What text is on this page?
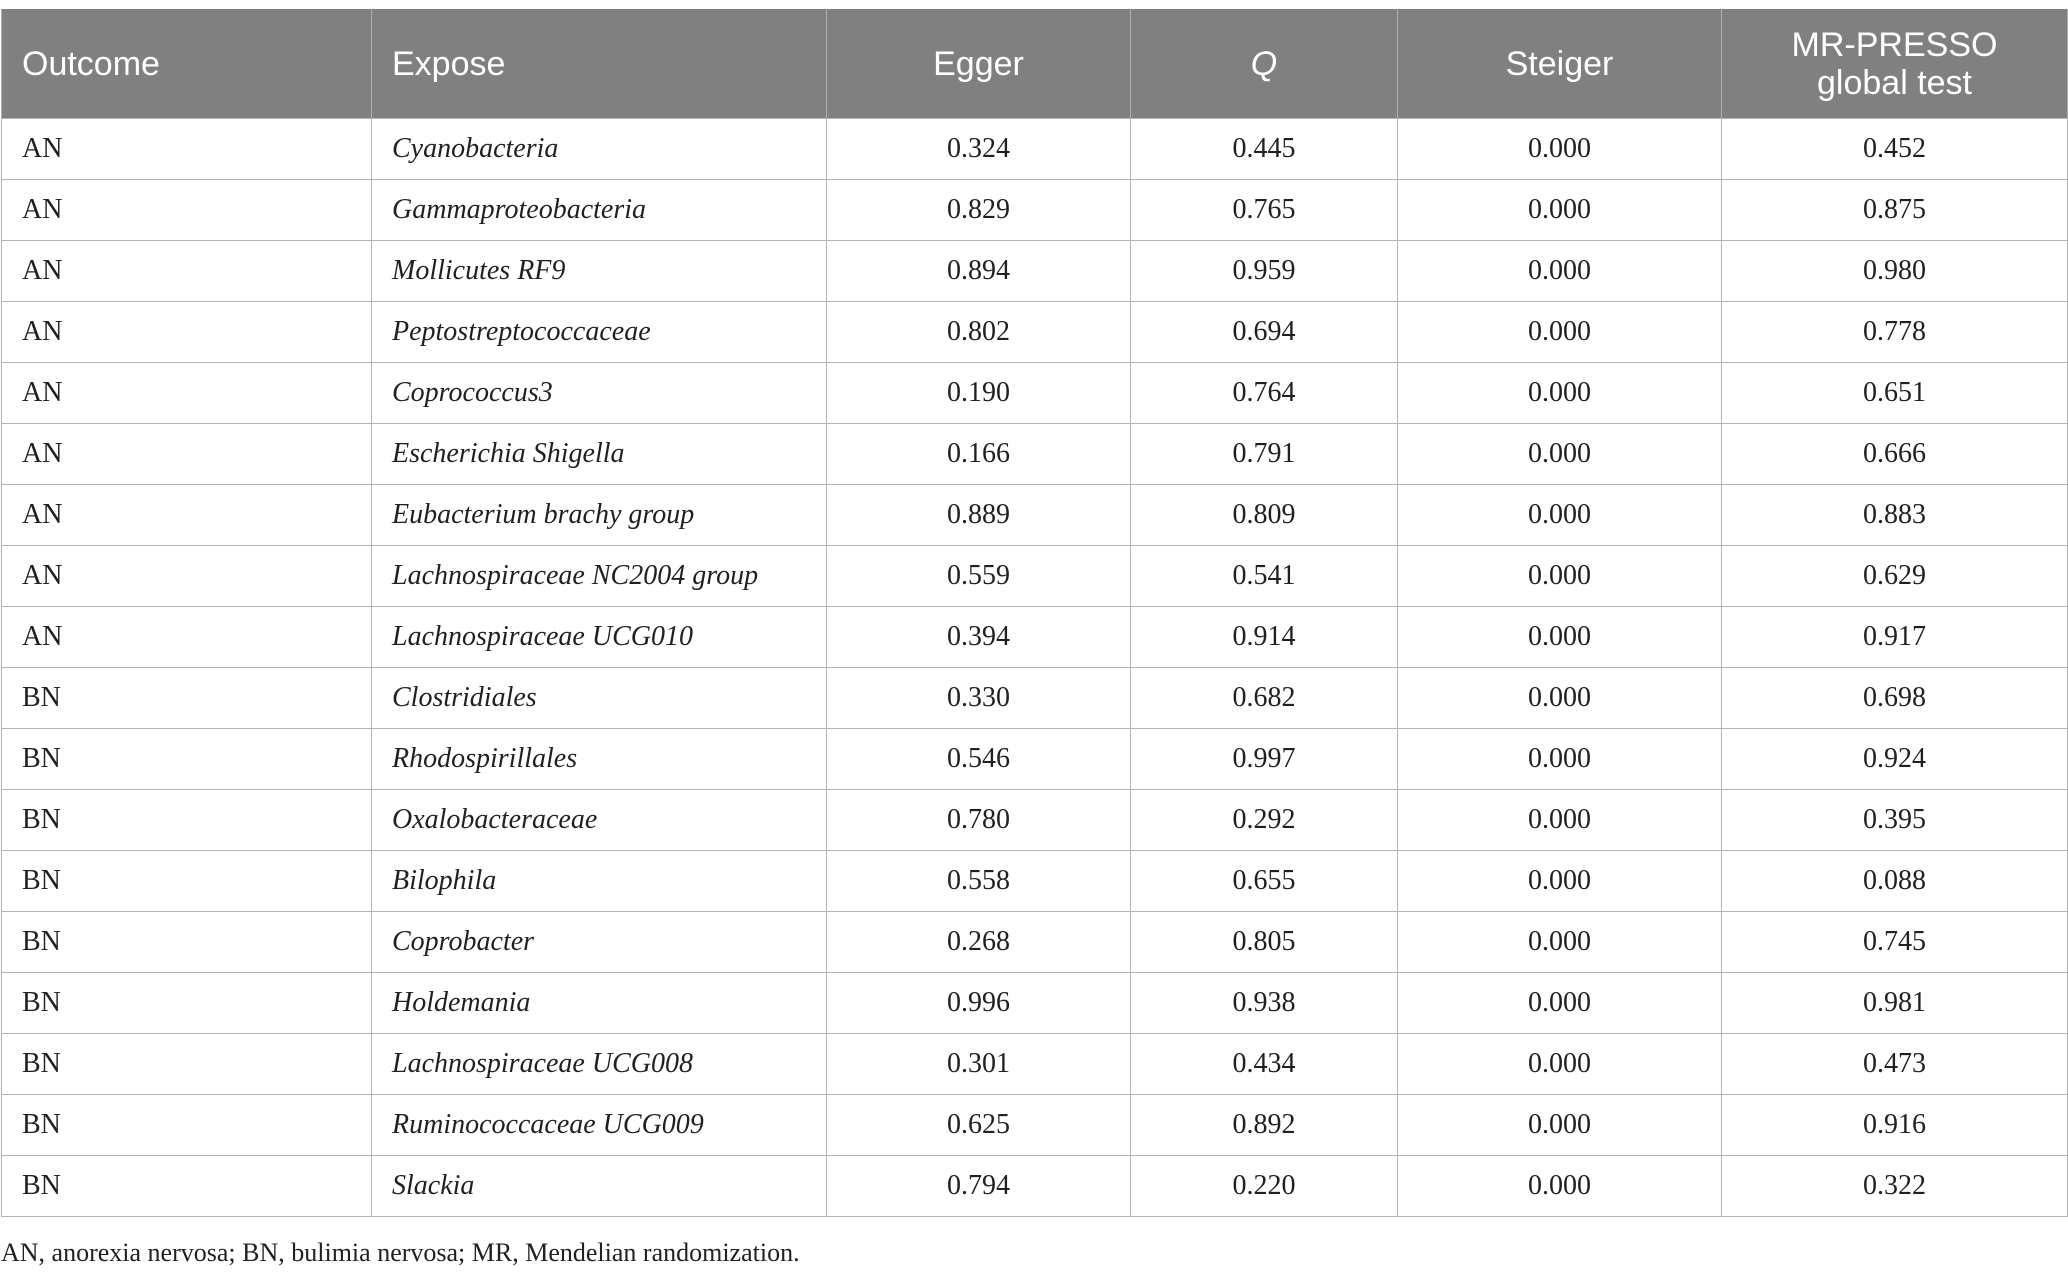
Outcome	Expose	Egger	Q	Steiger	MR-PRESSO
global test
AN	Cyanobacteria	0.324	0.445	0.000	0.452
AN	Gammaproteobacteria	0.829	0.765	0.000	0.875
AN	Mollicutes RF9	0.894	0.959	0.000	0.980
AN	Peptostreptococcaceae	0.802	0.694	0.000	0.778
AN	Coprococcus3	0.190	0.764	0.000	0.651
AN	Escherichia Shigella	0.166	0.791	0.000	0.666
AN	Eubacterium brachy group	0.889	0.809	0.000	0.883
AN	Lachnospiraceae NC2004 group	0.559	0.541	0.000	0.629
AN	Lachnospiraceae UCG010	0.394	0.914	0.000	0.917
BN	Clostridiales	0.330	0.682	0.000	0.698
BN	Rhodospirillales	0.546	0.997	0.000	0.924
BN	Oxalobacteraceae	0.780	0.292	0.000	0.395
BN	Bilophila	0.558	0.655	0.000	0.088
BN	Coprobacter	0.268	0.805	0.000	0.745
BN	Holdemania	0.996	0.938	0.000	0.981
BN	Lachnospiraceae UCG008	0.301	0.434	0.000	0.473
BN	Ruminococcaceae UCG009	0.625	0.892	0.000	0.916
BN	Slackia	0.794	0.220	0.000	0.322
AN, anorexia nervosa; BN, bulimia nervosa; MR, Mendelian randomization.
